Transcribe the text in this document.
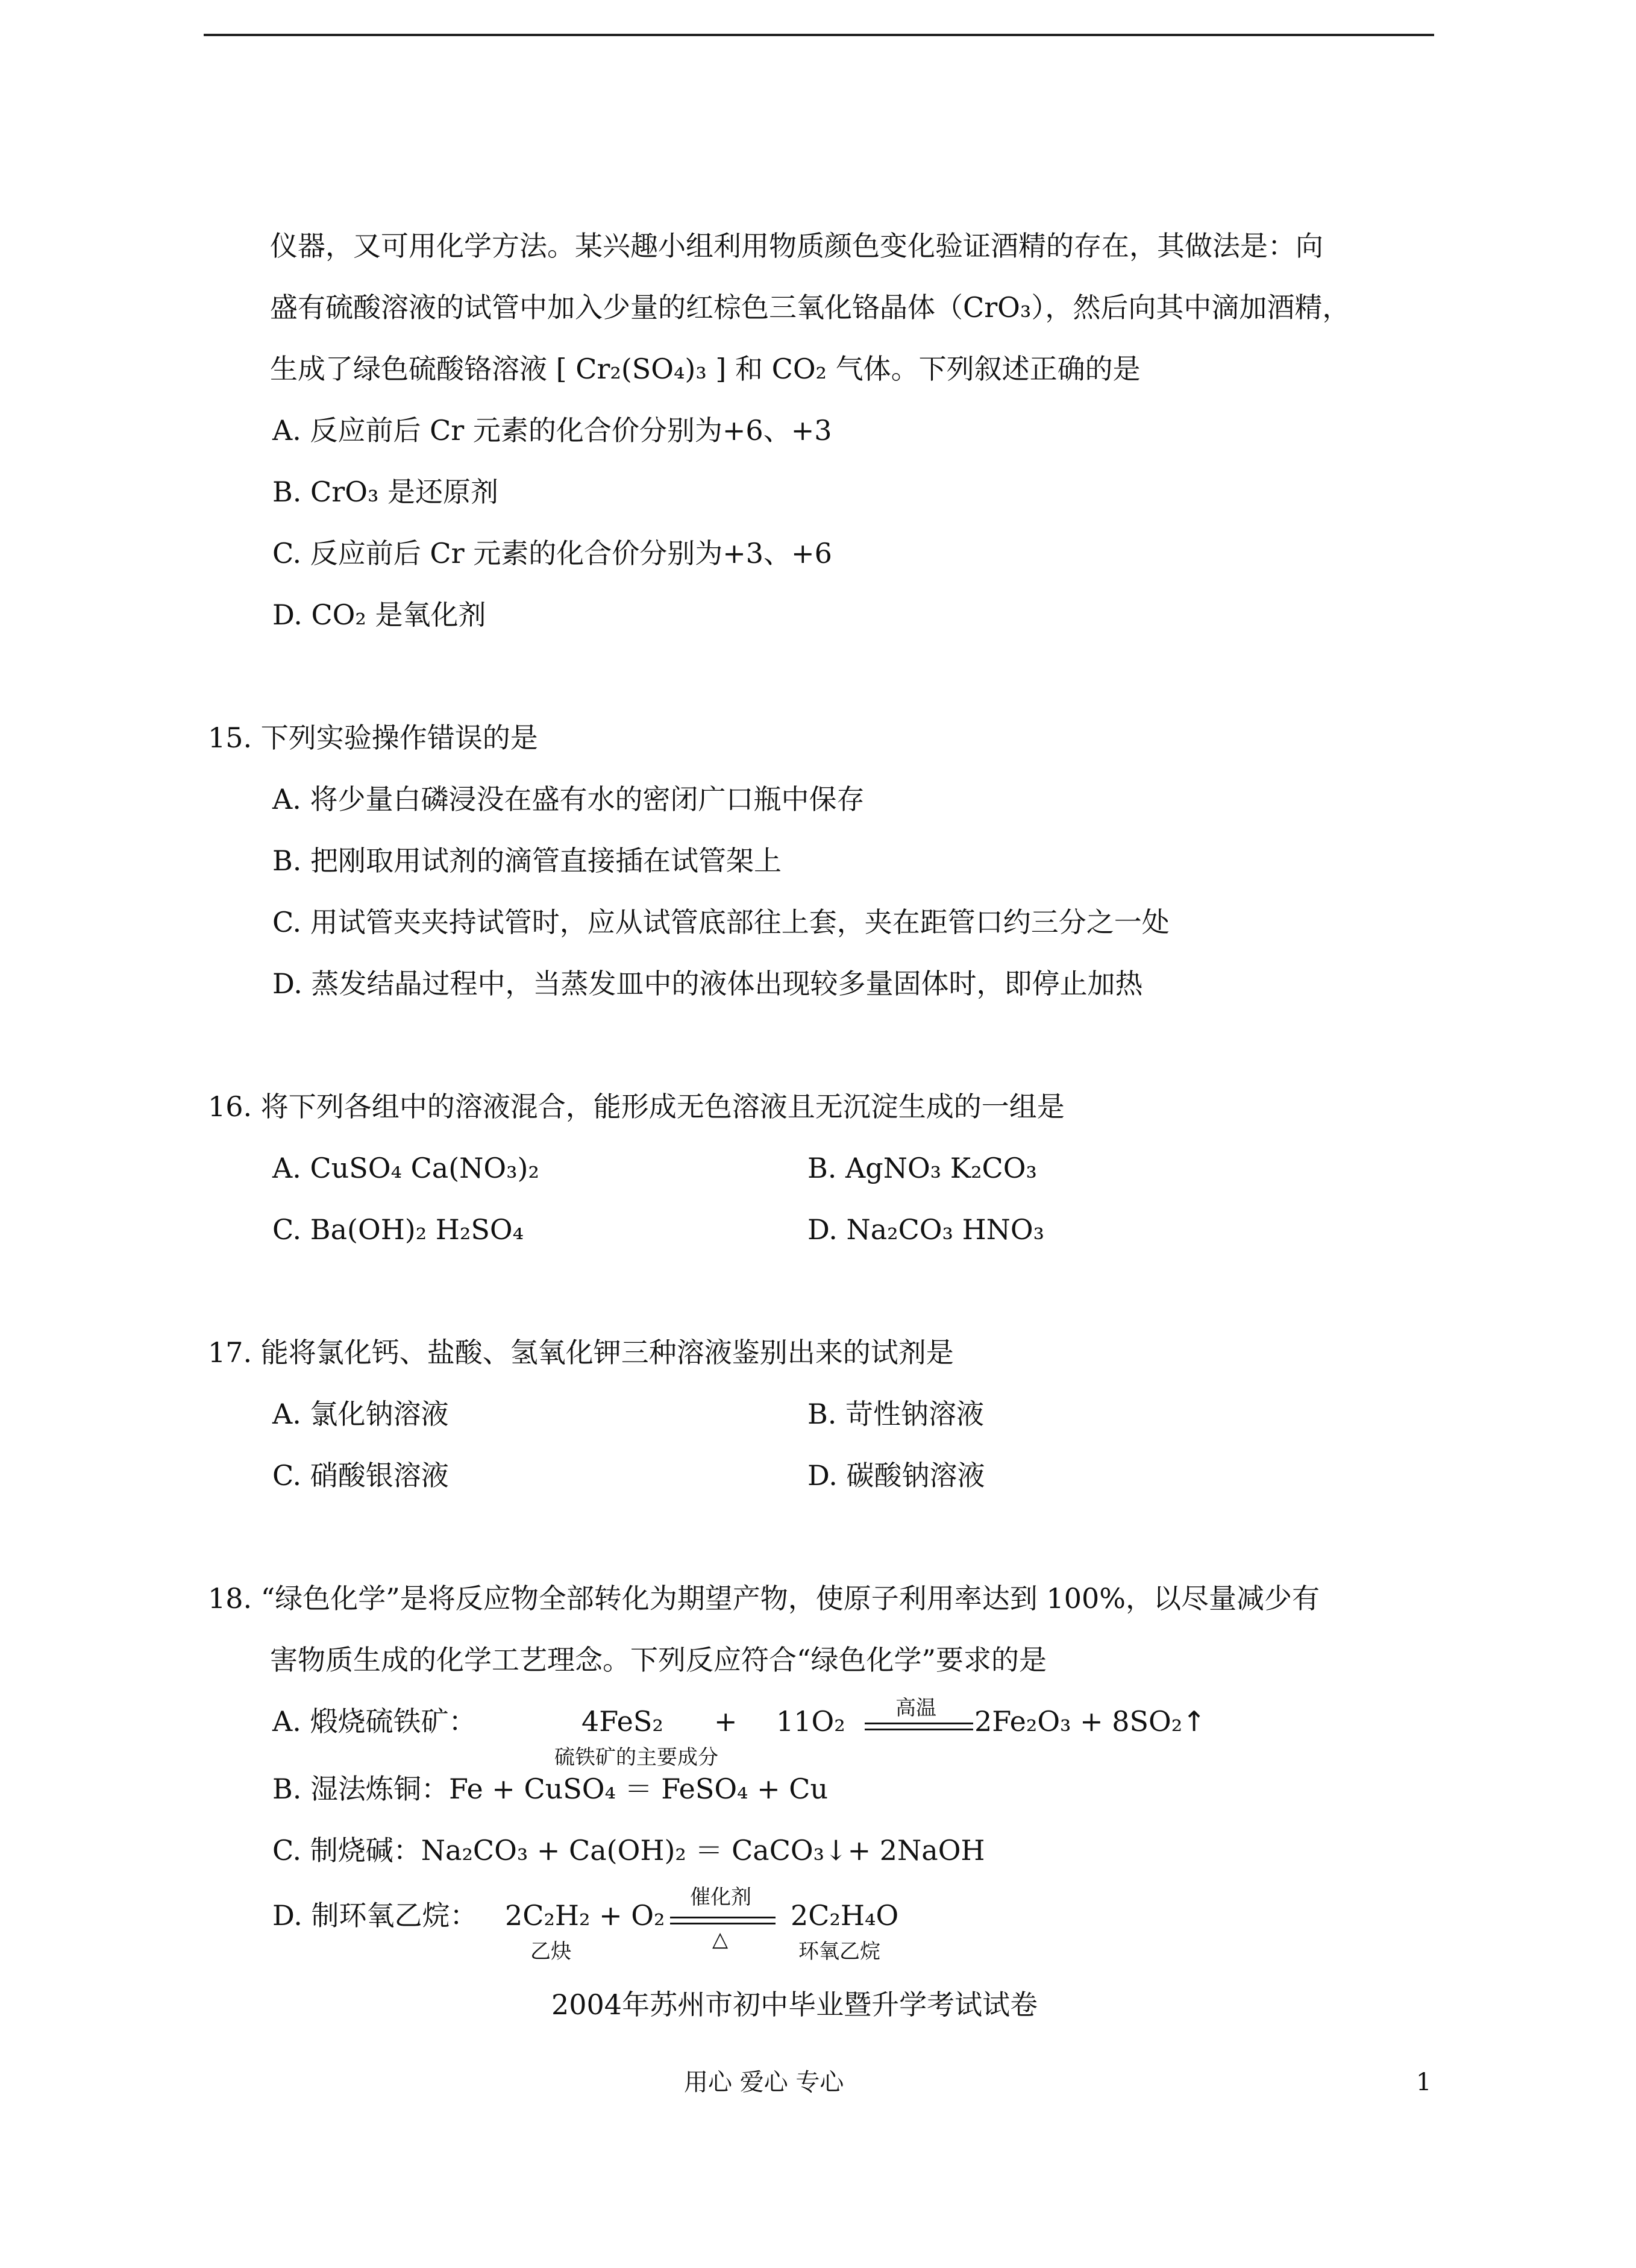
仪器，又可用化学方法。某兴趣小组利用物质颜色变化验证酒精的存在，其做法是：向
盛有硫酸溶液的试管中加入少量的红棕色三氧化铬晶体（CrO₃），然后向其中滴加酒精，
生成了绿色硫酸铬溶液 [ Cr₂(SO₄)₃ ] 和 CO₂ 气体。下列叙述正确的是
A. 反应前后 Cr 元素的化合价分别为+6、+3
B. CrO₃ 是还原剂
C. 反应前后 Cr 元素的化合价分别为+3、+6
D. CO₂ 是氧化剂
15. 下列实验操作错误的是
A. 将少量白磷浸没在盛有水的密闭广口瓶中保存
B. 把刚取用试剂的滴管直接插在试管架上
C. 用试管夹夹持试管时，应从试管底部往上套，夹在距管口约三分之一处
D. 蒸发结晶过程中，当蒸发皿中的液体出现较多量固体时，即停止加热
16. 将下列各组中的溶液混合，能形成无色溶液且无沉淀生成的一组是
A. CuSO₄ Ca(NO₃)₂	B. AgNO₃ K₂CO₃
C. Ba(OH)₂ H₂SO₄	D. Na₂CO₃ HNO₃
17. 能将氯化钙、盐酸、氢氧化钾三种溶液鉴别出来的试剂是
A. 氯化钠溶液	B. 苛性钠溶液
C. 硝酸银溶液	D. 碳酸钠溶液
18. “绿色化学”是将反应物全部转化为期望产物，使原子利用率达到 100%，以尽量减少有
害物质生成的化学工艺理念。下列反应符合“绿色化学”要求的是
A. 煅烧硫铁矿：	4FeS₂ + 11O₂ 高温 2Fe₂O₃ + 8SO₂↑
硫铁矿的主要成分
B. 湿法炼铜：Fe + CuSO₄ ＝ FeSO₄ + Cu
C. 制烧碱：Na₂CO₃ + Ca(OH)₂ ＝ CaCO₃↓+ 2NaOH
D. 制环氧乙烷： 2C₂H₂ + O₂
催化剂
△
2C₂H₄O
乙炔	环氧乙烷
2004年苏州市初中毕业暨升学考试试卷
用心 爱心 专心	1
